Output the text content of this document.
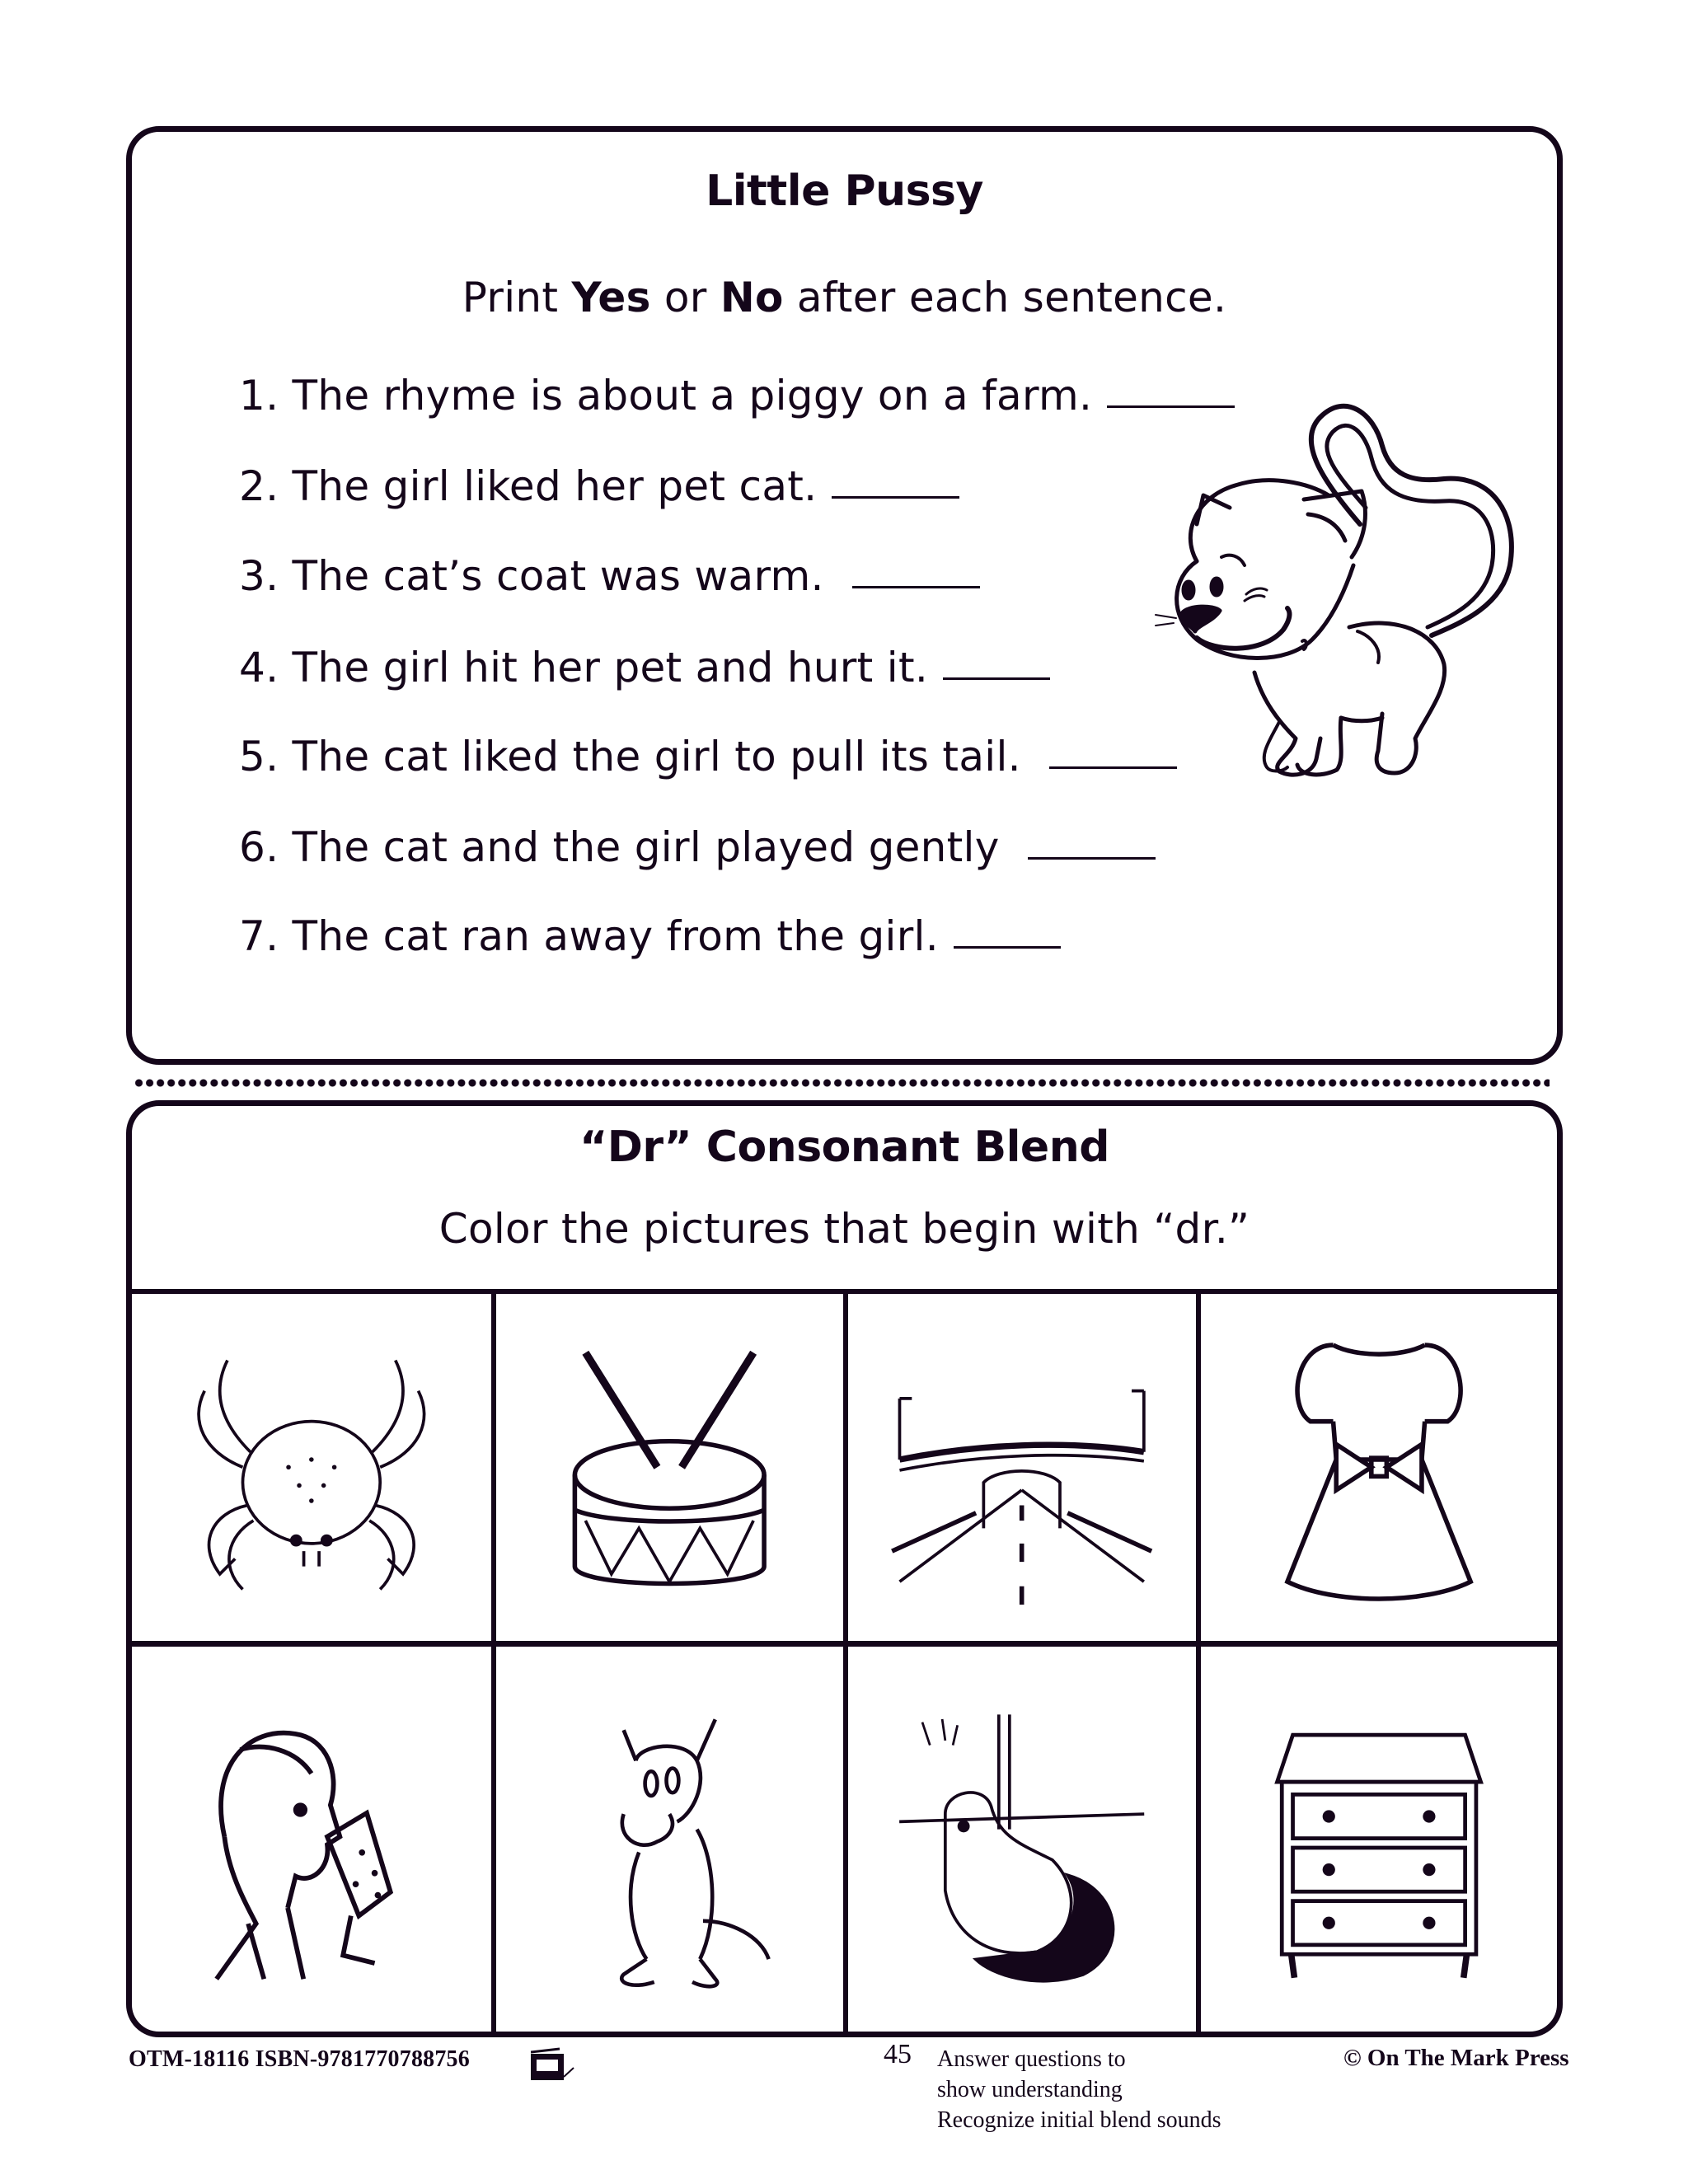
Little Pussy
Print Yes or No after each sentence.
1. The rhyme is about a piggy on a farm.
2. The girl liked her pet cat.
3. The cat’s coat was warm.
4. The girl hit her pet and hurt it.
5. The cat liked the girl to pull its tail.
6. The cat and the girl played gently
7. The cat ran away from the girl.
“Dr” Consonant Blend
Color the pictures that begin with “dr.”
OTM-18116 ISBN-9781770788756	45 Answer questions to
show understanding
Recognize initial blend sounds
© On The Mark Press
